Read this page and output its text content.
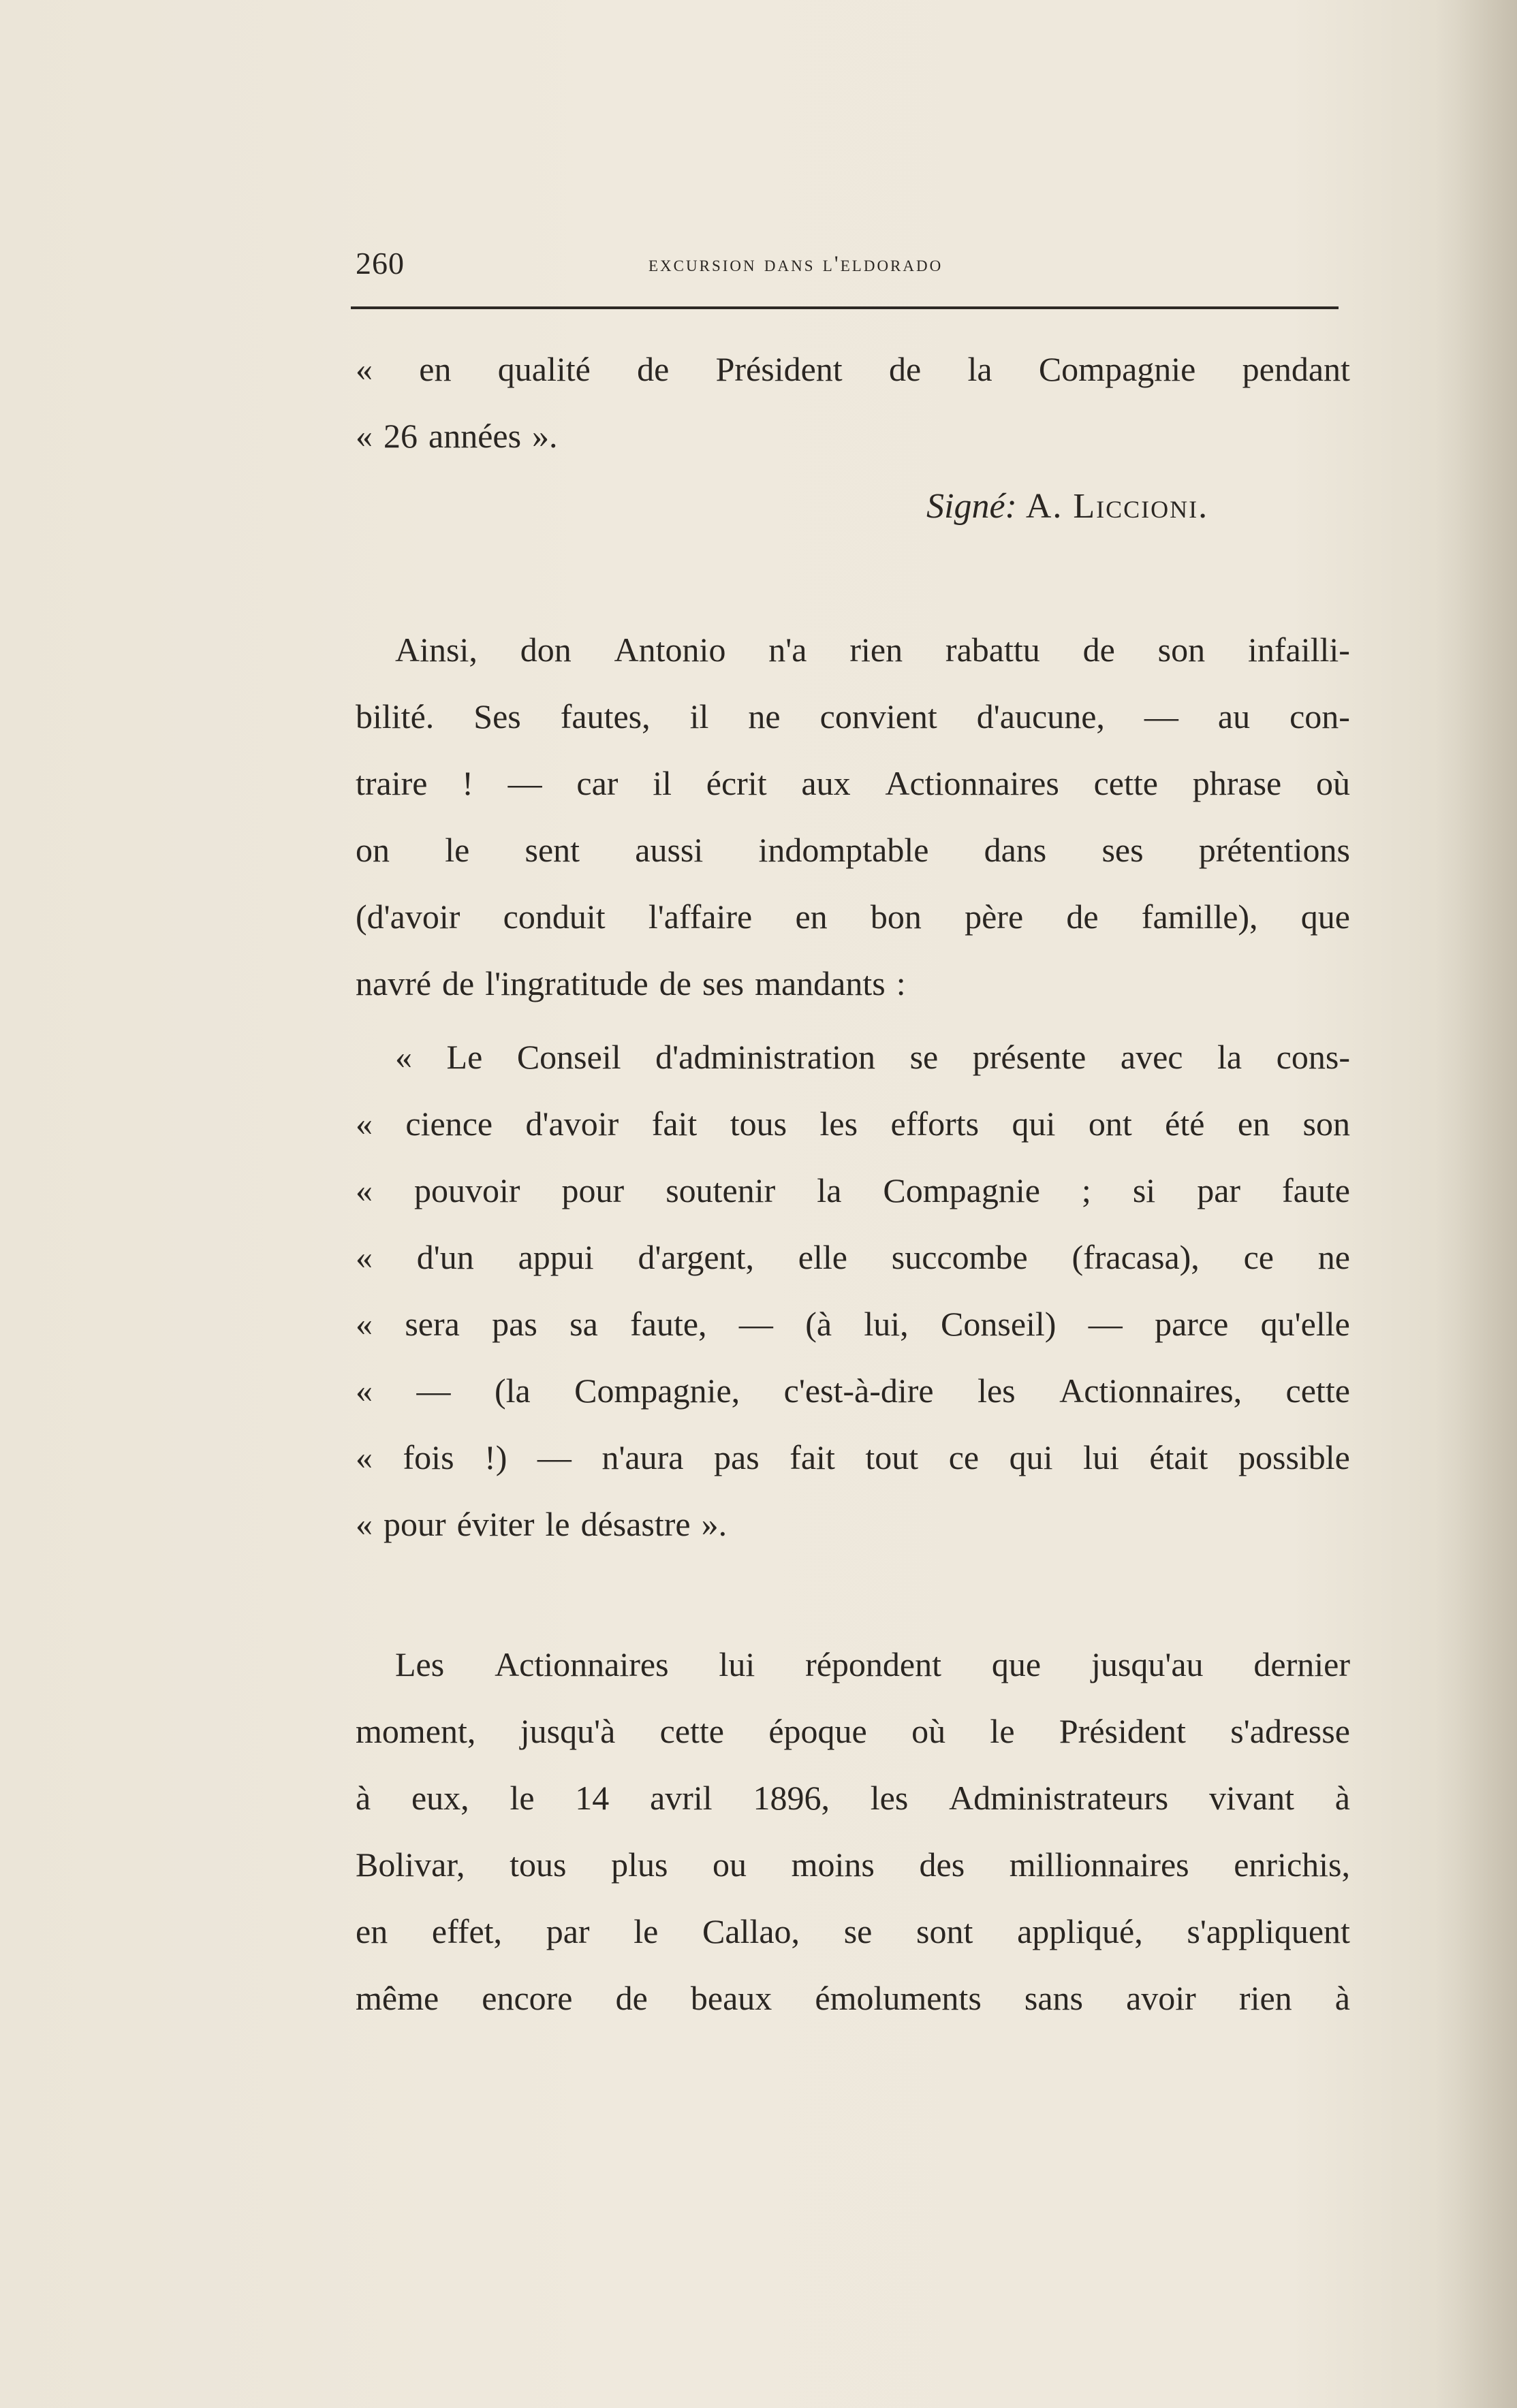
260	excursion dans l'eldorado
« en qualité de Président de la Compagnie pendant
« 26 années ».
Signé: A. Liccioni.
Ainsi, don Antonio n'a rien rabattu de son infailli-
bilité. Ses fautes, il ne convient d'aucune, — au con-
traire ! — car il écrit aux Actionnaires cette phrase où
on le sent aussi indomptable dans ses prétentions
(d'avoir conduit l'affaire en bon père de famille), que
navré de l'ingratitude de ses mandants :
« Le Conseil d'administration se présente avec la cons-
« cience d'avoir fait tous les efforts qui ont été en son
« pouvoir pour soutenir la Compagnie ; si par faute
« d'un appui d'argent, elle succombe (fracasa), ce ne
« sera pas sa faute, — (à lui, Conseil) — parce qu'elle
« — (la Compagnie, c'est-à-dire les Actionnaires, cette
« fois !) — n'aura pas fait tout ce qui lui était possible
« pour éviter le désastre ».
Les Actionnaires lui répondent que jusqu'au dernier
moment, jusqu'à cette époque où le Président s'adresse
à eux, le 14 avril 1896, les Administrateurs vivant à
Bolivar, tous plus ou moins des millionnaires enrichis,
en effet, par le Callao, se sont appliqué, s'appliquent
même encore de beaux émoluments sans avoir rien à
